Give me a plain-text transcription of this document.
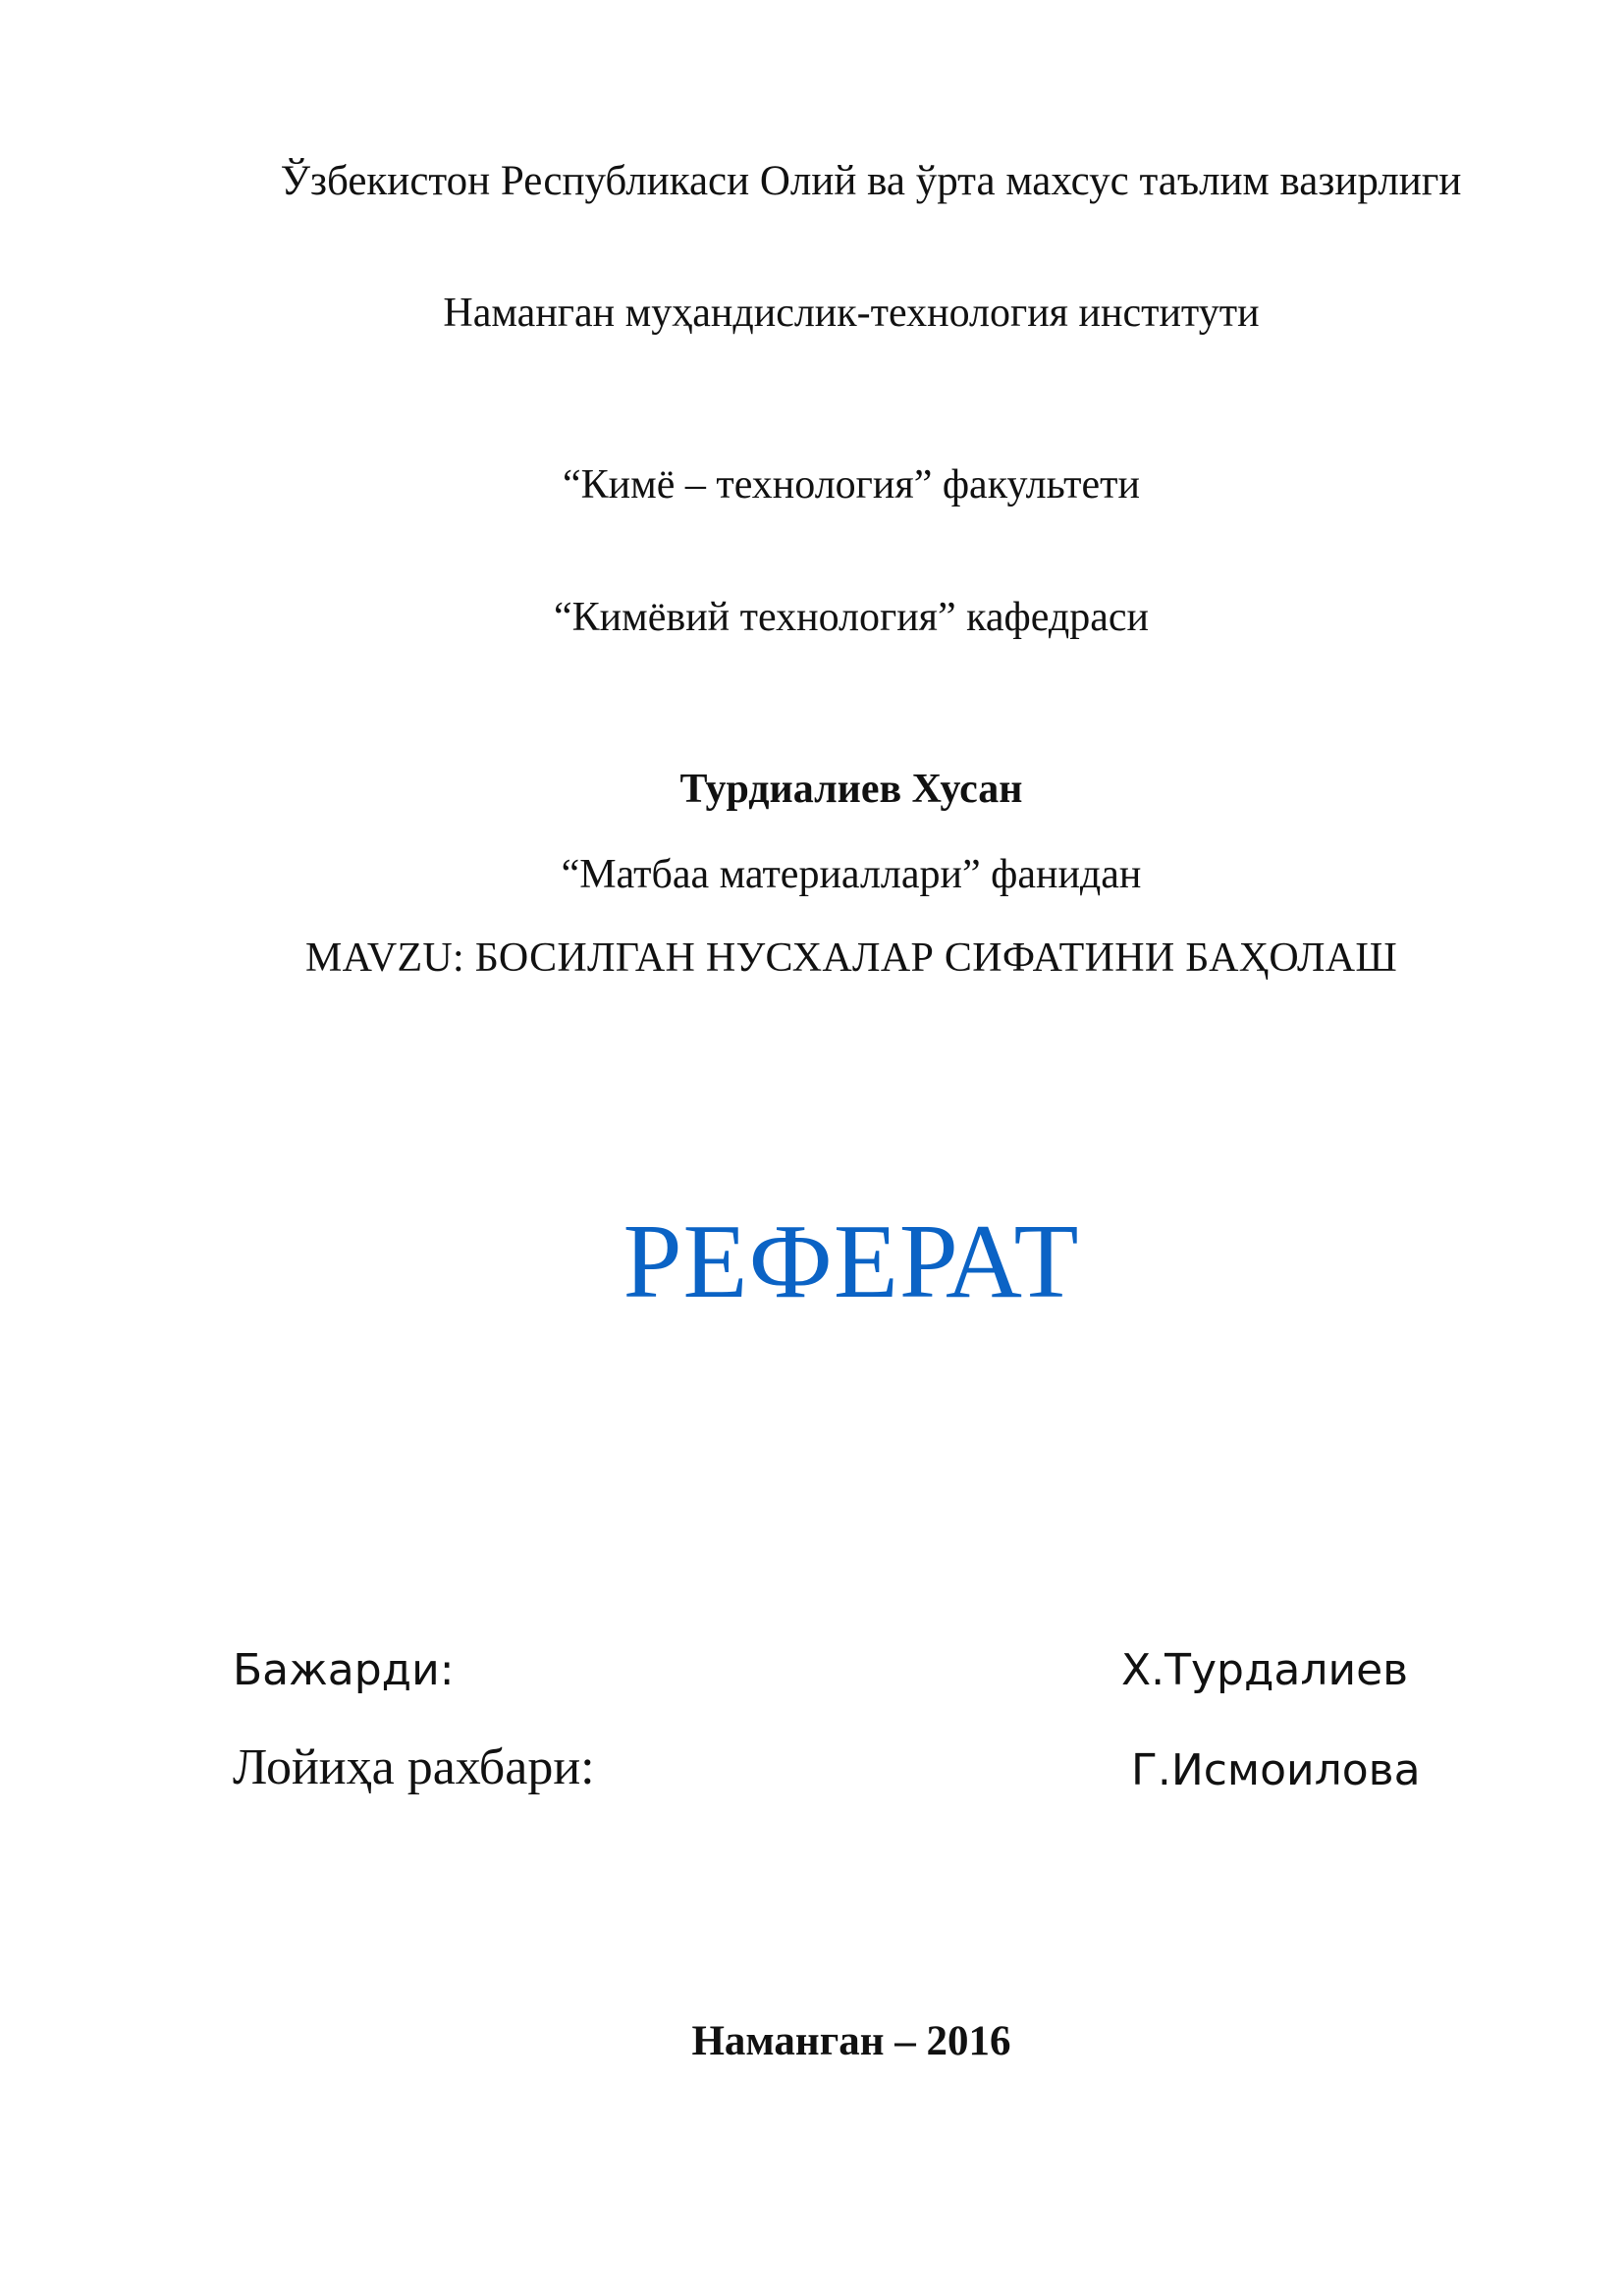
Ўзбекистон Республикаси Олий ва ўрта махсус таълим вазирлиги
Наманган муҳандислик-технология институти
“Кимё – технология” факультети
“Кимёвий технология” кафедраси
Турдиалиев Хусан
“Матбаа материаллари” фанидан
MAVZU: БОСИЛГАН НУСХАЛАР СИФАТИНИ БАҲОЛАШ
РЕФЕРАТ
Бажарди:	Х.Турдалиев
Лойиҳа рахбари:	Г.Исмоилова
Наманган – 2016
